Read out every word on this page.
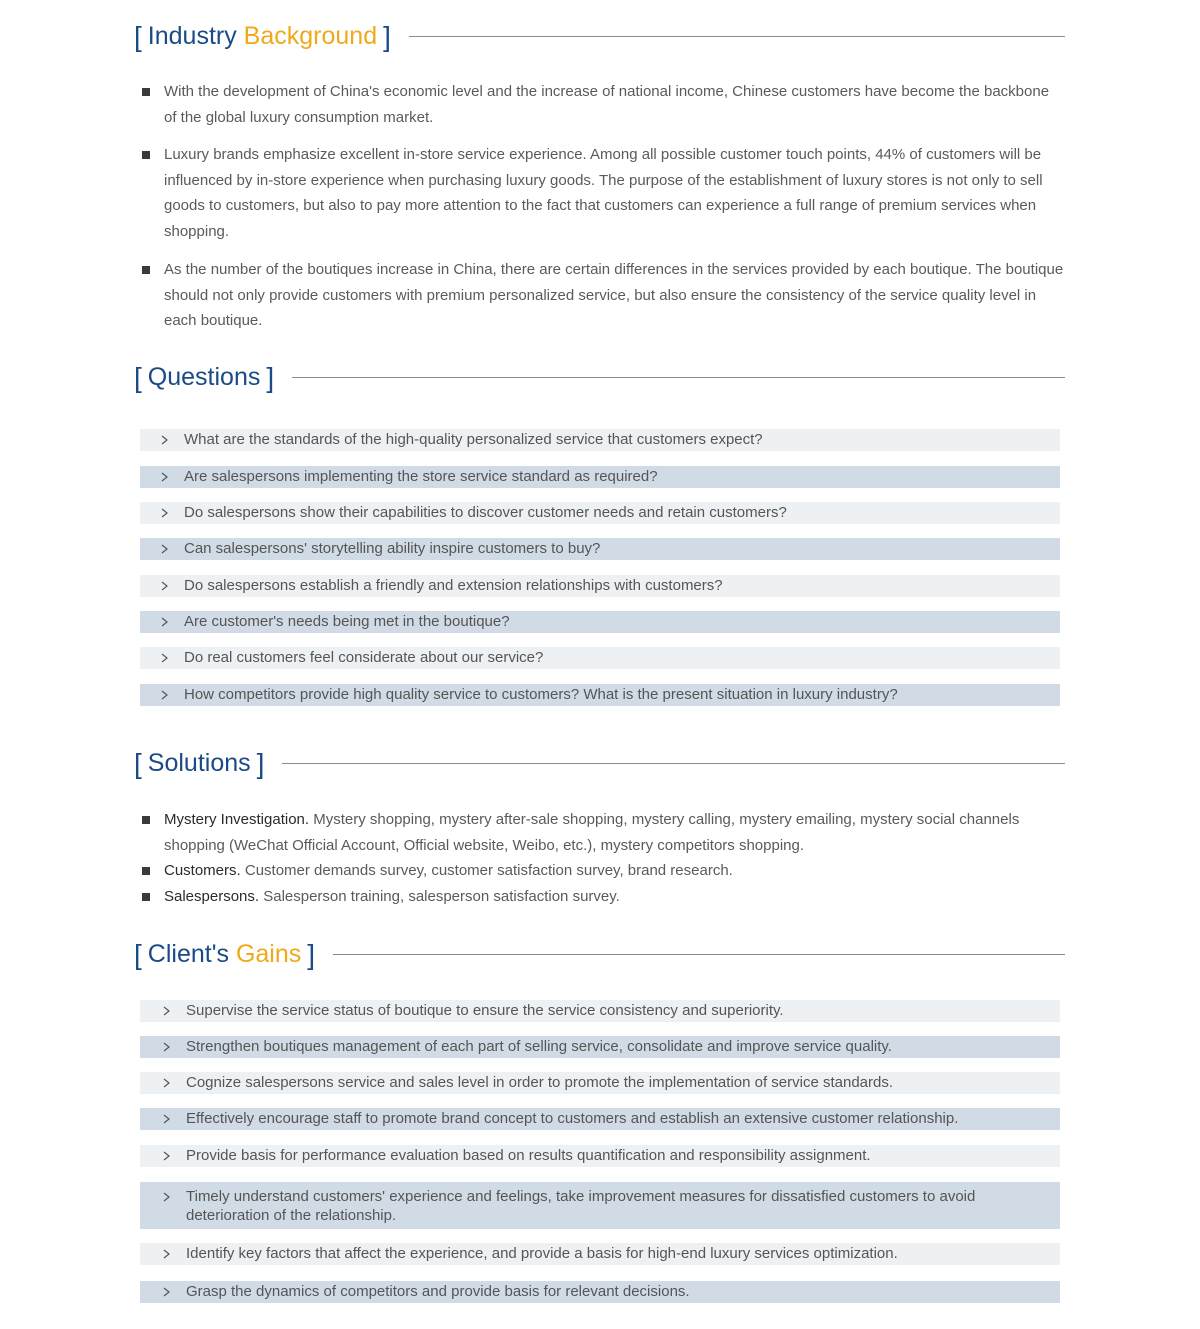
[ Industry
Background ]
With the development of China's economic level and the increase of national income, Chinese customers have become the backbone of the global luxury consumption market.
Luxury brands emphasize excellent in-store service experience. Among all possible customer touch points, 44% of customers will be influenced by in-store experience when purchasing luxury goods. The purpose of the establishment of luxury stores is not only to sell goods to customers, but also to pay more attention to the fact that customers can experience a full range of premium services when shopping.
As the number of the boutiques increase in China, there are certain differences in the services provided by each boutique. The boutique should not only provide customers with premium personalized service, but also ensure the consistency of the service quality level in each boutique.
[ Questions ]
What are the standards of the high-quality personalized service that customers expect?
Are salespersons implementing the store service standard as required?
Do salespersons show their capabilities to discover customer needs and retain customers?
Can salespersons' storytelling ability inspire customers to buy?
Do salespersons establish a friendly and extension relationships with customers?
Are customer's needs being met in the boutique?
Do real customers feel considerate about our service?
How competitors provide high quality service to customers? What is the present situation in luxury industry?
[ Solutions ]
Mystery Investigation. Mystery shopping, mystery after-sale shopping, mystery calling, mystery emailing, mystery social channels shopping (WeChat Official Account, Official website, Weibo, etc.), mystery competitors shopping.
Customers. Customer demands survey, customer satisfaction survey, brand research.
Salespersons. Salesperson training, salesperson satisfaction survey.
[ Client's
Gains ]
Supervise the service status of boutique to ensure the service consistency and superiority.
Strengthen boutiques management of each part of selling service, consolidate and improve service quality.
Cognize salespersons service and sales level in order to promote the implementation of service standards.
Effectively encourage staff to promote brand concept to customers and establish an extensive customer relationship.
Provide basis for performance evaluation based on results quantification and responsibility assignment.
Timely understand customers' experience and feelings, take improvement measures for dissatisfied customers to avoid deterioration of the relationship.
Identify key factors that affect the experience, and provide a basis for high-end luxury services optimization.
Grasp the dynamics of competitors and provide basis for relevant decisions.
